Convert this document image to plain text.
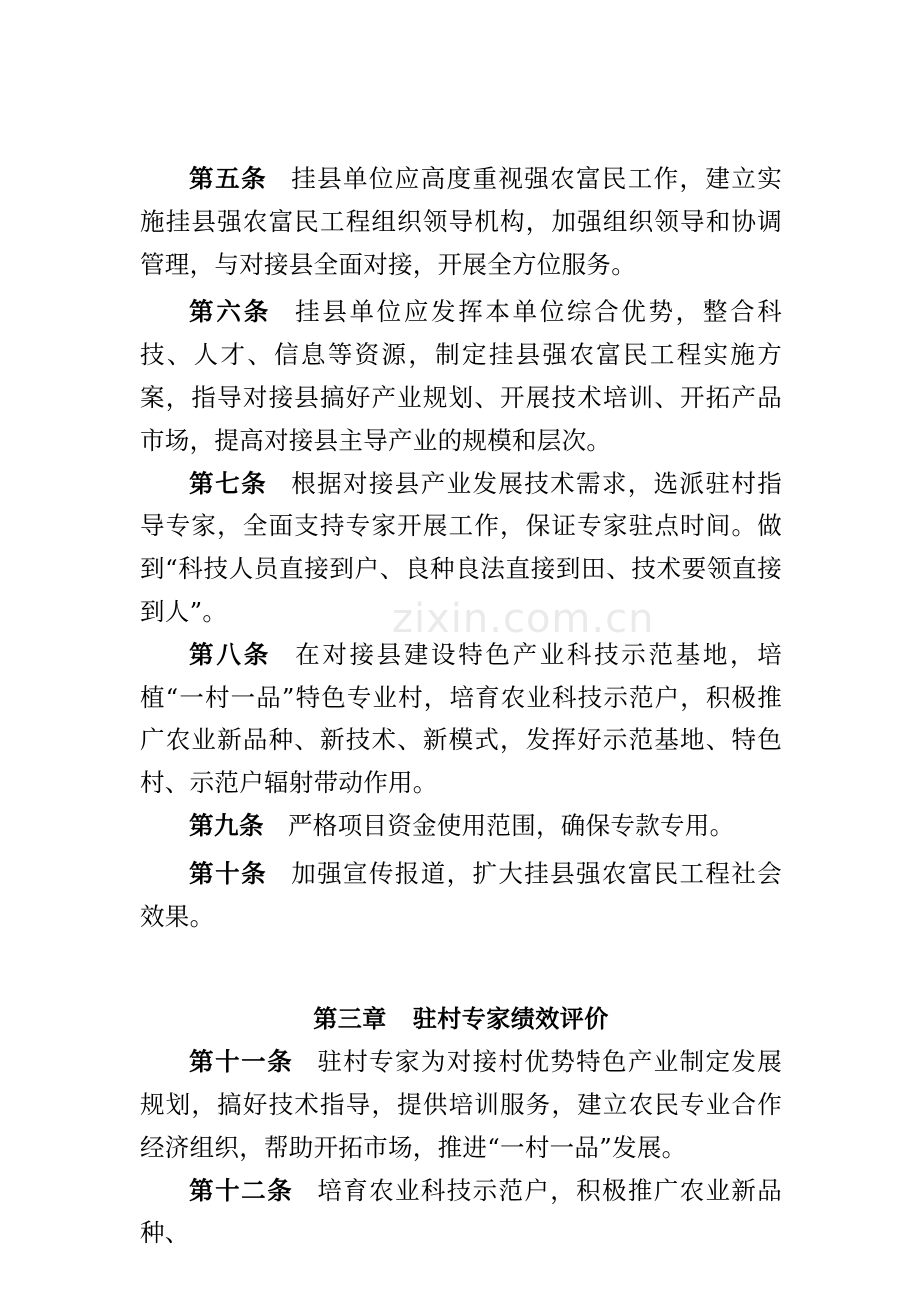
zixin.com.cn

第五条 挂县单位应高度重视强农富民工作，建立实施挂县强农富民工程组织领导机构，加强组织领导和协调管理，与对接县全面对接，开展全方位服务。

第六条 挂县单位应发挥本单位综合优势，整合科技、人才、信息等资源，制定挂县强农富民工程实施方案，指导对接县搞好产业规划、开展技术培训、开拓产品市场，提高对接县主导产业的规模和层次。

第七条 根据对接县产业发展技术需求，选派驻村指导专家，全面支持专家开展工作，保证专家驻点时间。做到“科技人员直接到户、良种良法直接到田、技术要领直接到人”。

第八条 在对接县建设特色产业科技示范基地，培植“一村一品”特色专业村，培育农业科技示范户，积极推广农业新品种、新技术、新模式，发挥好示范基地、特色村、示范户辐射带动作用。

第九条 严格项目资金使用范围，确保专款专用。

第十条 加强宣传报道，扩大挂县强农富民工程社会效果。

第三章 驻村专家绩效评价

第十一条 驻村专家为对接村优势特色产业制定发展规划，搞好技术指导，提供培训服务，建立农民专业合作经济组织，帮助开拓市场，推进“一村一品”发展。

第十二条 培育农业科技示范户，积极推广农业新品种、
